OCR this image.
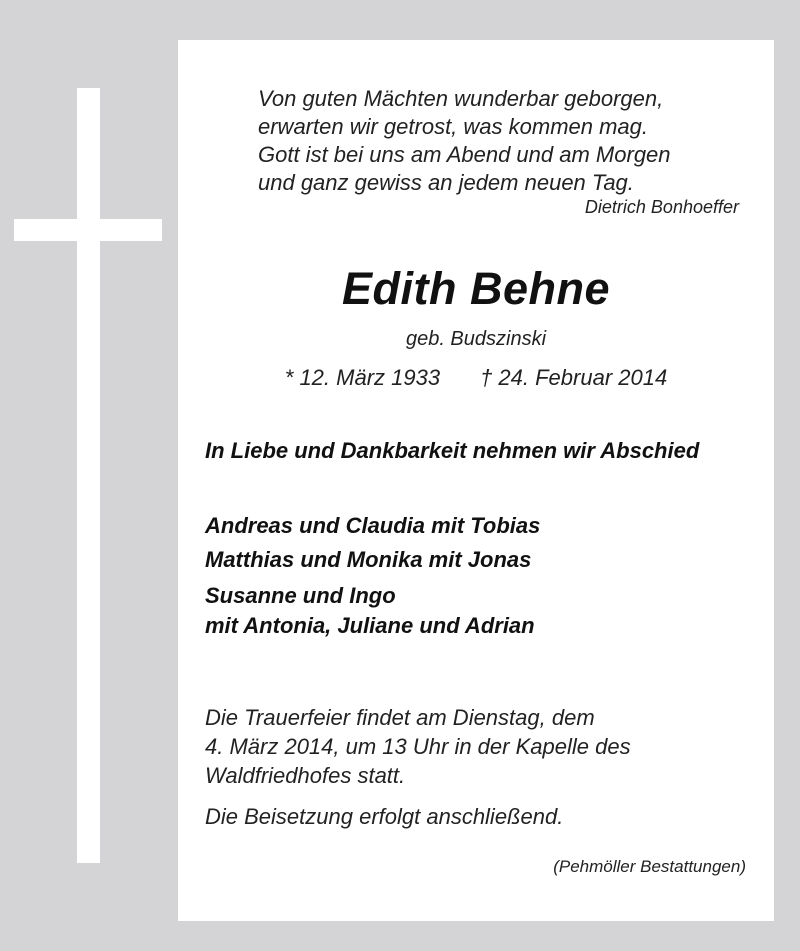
Von guten Mächten wunderbar geborgen,
erwarten wir getrost, was kommen mag.
Gott ist bei uns am Abend und am Morgen
und ganz gewiss an jedem neuen Tag.
Dietrich Bonhoeffer
Edith Behne
geb. Budszinski
* 12. März 1933 † 24. Februar 2014
In Liebe und Dankbarkeit nehmen wir Abschied
Andreas und Claudia mit Tobias
Matthias und Monika mit Jonas
Susanne und Ingo
mit Antonia, Juliane und Adrian
Die Trauerfeier findet am Dienstag, dem
4. März 2014, um 13 Uhr in der Kapelle des
Waldfriedhofes statt.
Die Beisetzung erfolgt anschließend.
(Pehmöller Bestattungen)
